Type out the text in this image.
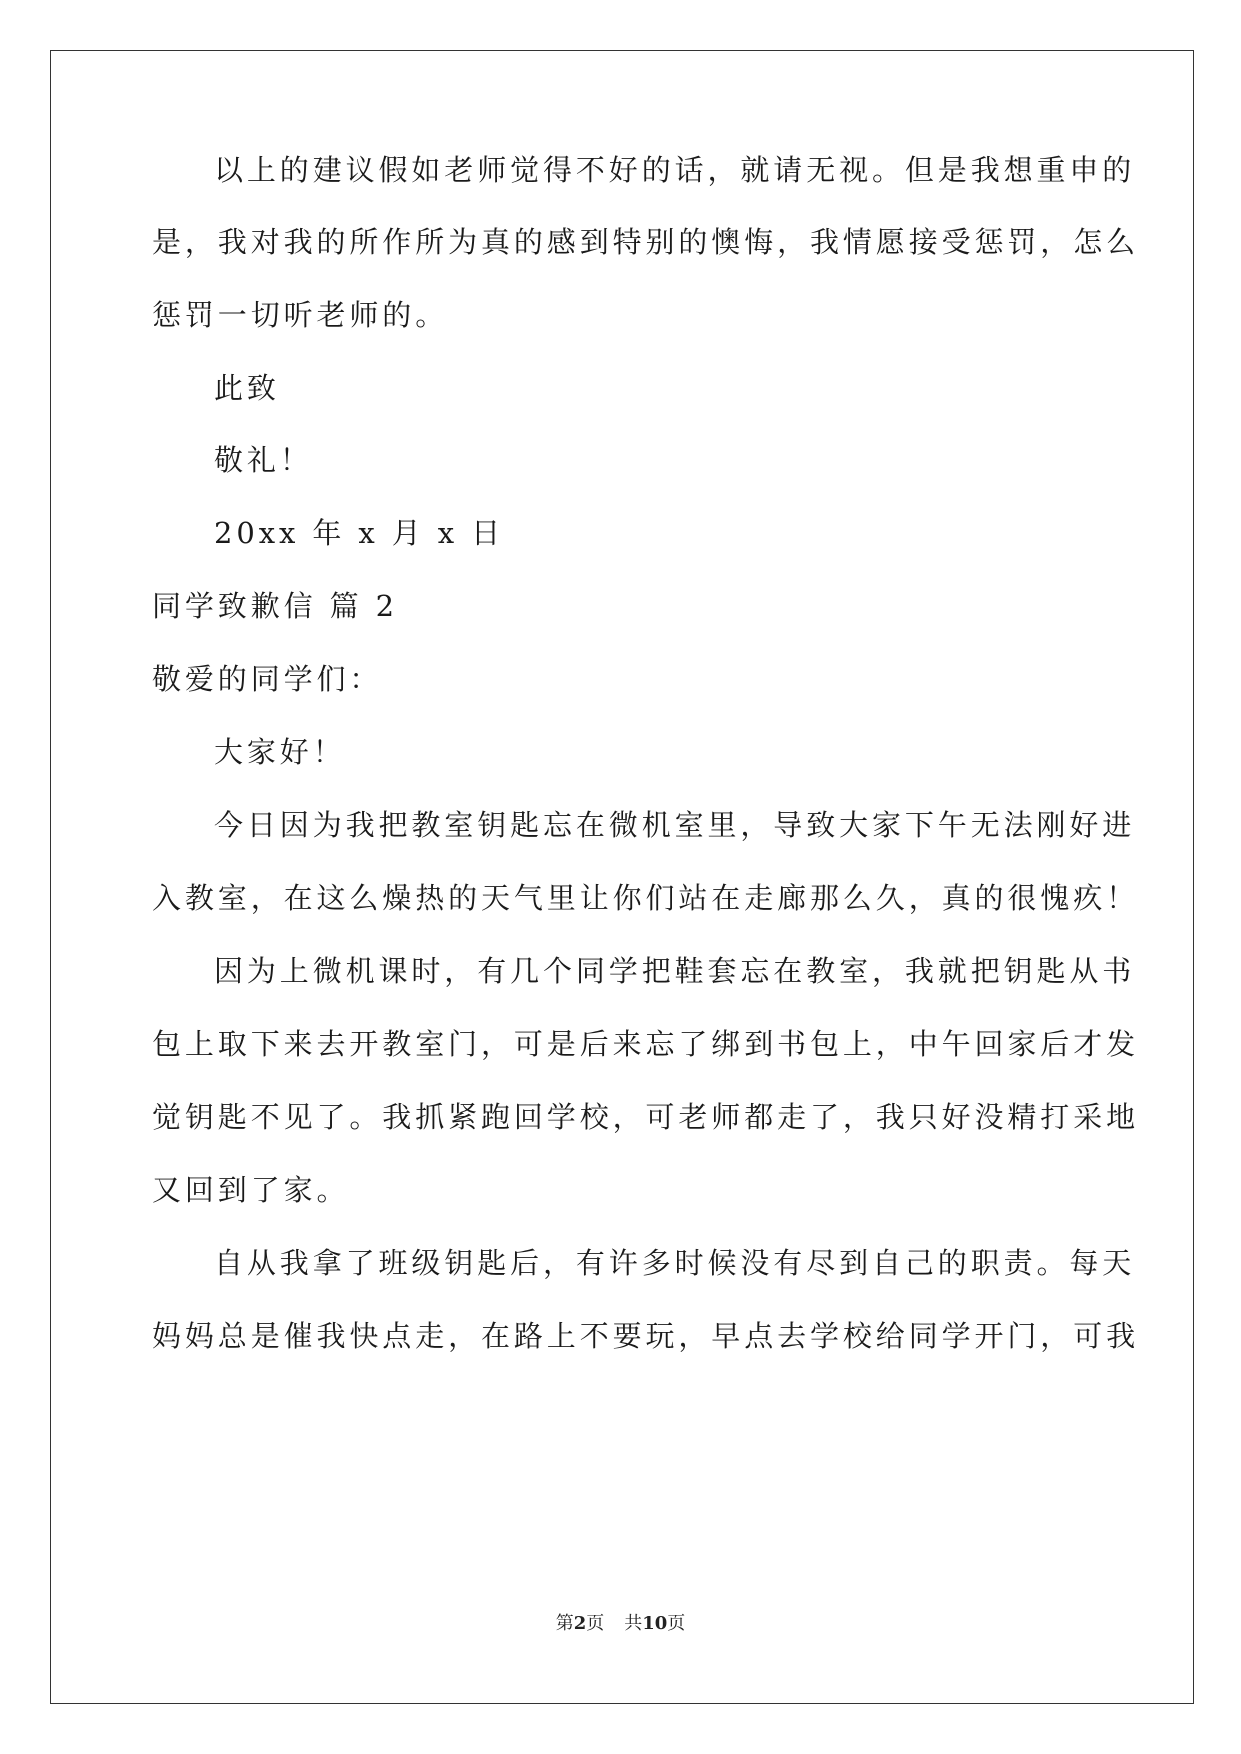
以上的建议假如老师觉得不好的话，就请无视。但是我想重申的
是，我对我的所作所为真的感到特别的懊悔，我情愿接受惩罚，怎么
惩罚一切听老师的。
此致
敬礼！
20xx 年 x 月 x 日
同学致歉信 篇 2
敬爱的同学们：
大家好！
今日因为我把教室钥匙忘在微机室里，导致大家下午无法刚好进
入教室，在这么燥热的天气里让你们站在走廊那么久，真的很愧疚！
因为上微机课时，有几个同学把鞋套忘在教室，我就把钥匙从书
包上取下来去开教室门，可是后来忘了绑到书包上，中午回家后才发
觉钥匙不见了。我抓紧跑回学校，可老师都走了，我只好没精打采地
又回到了家。
自从我拿了班级钥匙后，有许多时候没有尽到自己的职责。每天
妈妈总是催我快点走，在路上不要玩，早点去学校给同学开门，可我
第2页 共10页
